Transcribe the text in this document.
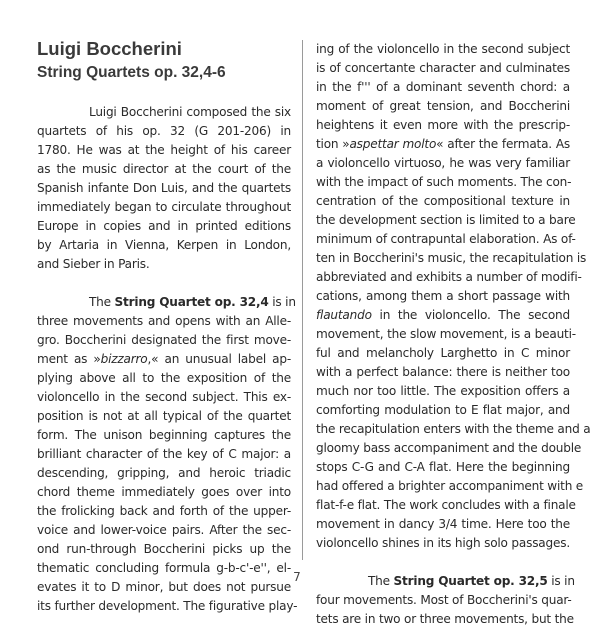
Luigi Boccherini
String Quartets op. 32,4-6
Luigi Boccherini composed the six
quartets of his op. 32 (G 201-206) in
1780. He was at the height of his career
as the music director at the court of the
Spanish infante Don Luis, and the quartets
immediately began to circulate throughout
Europe in copies and in printed editions
by Artaria in Vienna, Kerpen in London,
and Sieber in Paris.
The String Quartet op. 32,4 is in
three movements and opens with an Alle-
gro. Boccherini designated the first move-
ment as »bizzarro,« an unusual label ap-
plying above all to the exposition of the
violoncello in the second subject. This ex-
position is not at all typical of the quartet
form. The unison beginning captures the
brilliant character of the key of C major: a
descending, gripping, and heroic triadic
chord theme immediately goes over into
the frolicking back and forth of the upper-
voice and lower-voice pairs. After the sec-
ond run-through Boccherini picks up the
thematic concluding formula g-b-c'-e'', el-
evates it to D minor, but does not pursue
its further development. The figurative play-
ing of the violoncello in the second subject
is of concertante character and culminates
in the f''' of a dominant seventh chord: a
moment of great tension, and Boccherini
heightens it even more with the prescrip-
tion »aspettar molto« after the fermata. As
a violoncello virtuoso, he was very familiar
with the impact of such moments. The con-
centration of the compositional texture in
the development section is limited to a bare
minimum of contrapuntal elaboration. As of-
ten in Boccherini's music, the recapitulation is
abbreviated and exhibits a number of modifi-
cations, among them a short passage with
flautando in the violoncello. The second
movement, the slow movement, is a beauti-
ful and melancholy Larghetto in C minor
with a perfect balance: there is neither too
much nor too little. The exposition offers a
comforting modulation to E flat major, and
the recapitulation enters with the theme and a
gloomy bass accompaniment and the double
stops C-G and C-A flat. Here the beginning
had offered a brighter accompaniment with e
flat-f-e flat. The work concludes with a finale
movement in dancy 3/4 time. Here too the
violoncello shines in its high solo passages.
The String Quartet op. 32,5 is in
four movements. Most of Boccherini's quar-
tets are in two or three movements, but the
7
